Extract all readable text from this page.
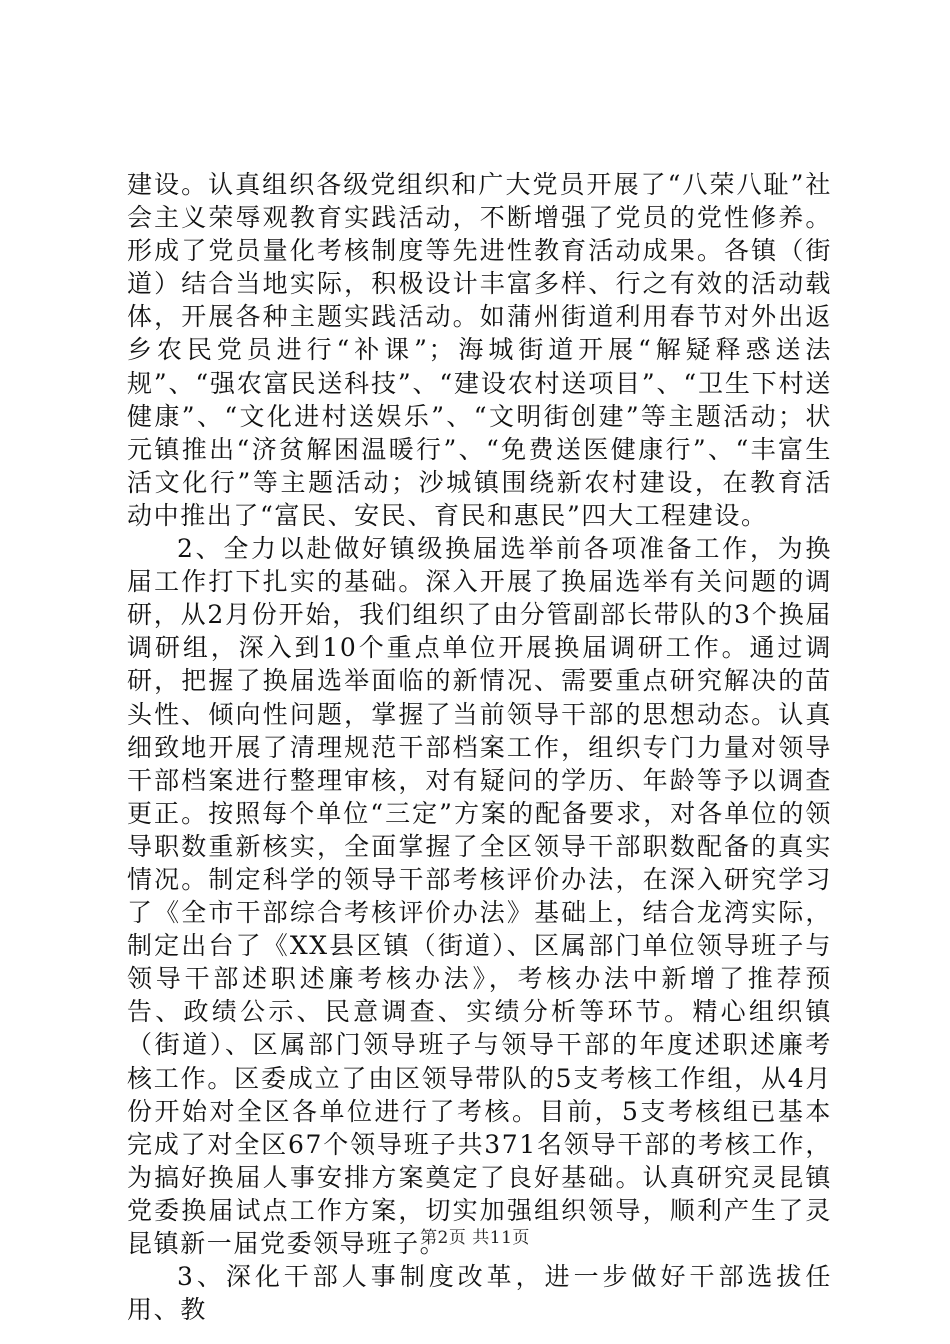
建设。认真组织各级党组织和广大党员开展了“八荣八耻”社会主义荣辱观教育实践活动，不断增强了党员的党性修养。形成了党员量化考核制度等先进性教育活动成果。各镇（街道）结合当地实际，积极设计丰富多样、行之有效的活动载体，开展各种主题实践活动。如蒲州街道利用春节对外出返乡农民党员进行“补课”；海城街道开展“解疑释惑送法规”、“强农富民送科技”、“建设农村送项目”、“卫生下村送健康”、“文化进村送娱乐”、“文明街创建”等主题活动；状元镇推出“济贫解困温暖行”、“免费送医健康行”、“丰富生活文化行”等主题活动；沙城镇围绕新农村建设，在教育活动中推出了“富民、安民、育民和惠民”四大工程建设。

2、全力以赴做好镇级换届选举前各项准备工作，为换届工作打下扎实的基础。深入开展了换届选举有关问题的调研，从2月份开始，我们组织了由分管副部长带队的3个换届调研组，深入到10个重点单位开展换届调研工作。通过调研，把握了换届选举面临的新情况、需要重点研究解决的苗头性、倾向性问题，掌握了当前领导干部的思想动态。认真细致地开展了清理规范干部档案工作，组织专门力量对领导干部档案进行整理审核，对有疑问的学历、年龄等予以调查更正。按照每个单位“三定”方案的配备要求，对各单位的领导职数重新核实，全面掌握了全区领导干部职数配备的真实情况。制定科学的领导干部考核评价办法，在深入研究学习了《全市干部综合考核评价办法》基础上，结合龙湾实际，制定出台了《XX县区镇（街道）、区属部门单位领导班子与领导干部述职述廉考核办法》，考核办法中新增了推荐预告、政绩公示、民意调查、实绩分析等环节。精心组织镇（街道）、区属部门领导班子与领导干部的年度述职述廉考核工作。区委成立了由区领导带队的5支考核工作组，从4月份开始对全区各单位进行了考核。目前，5支考核组已基本完成了对全区67个领导班子共371名领导干部的考核工作，为搞好换届人事安排方案奠定了良好基础。认真研究灵昆镇党委换届试点工作方案，切实加强组织领导，顺利产生了灵昆镇新一届党委领导班子。

3、深化干部人事制度改革，进一步做好干部选拔任用、教

第2页 共11页
